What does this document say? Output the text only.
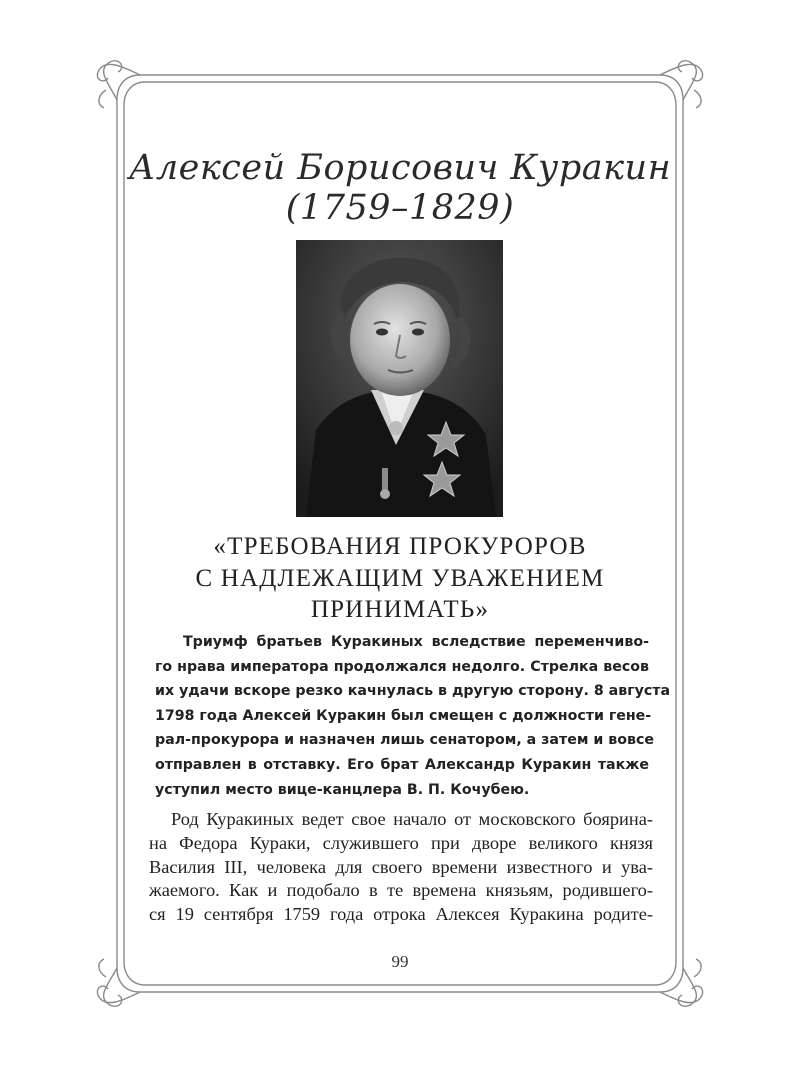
Алексей Борисович Куракин
(1759–1829)
«ТРЕБОВАНИЯ ПРОКУРОРОВ
С НАДЛЕЖАЩИМ УВАЖЕНИЕМ
ПРИНИМАТЬ»
Триумф братьев Куракиных вследствие переменчиво-
го нрава императора продолжался недолго. Стрелка весов
их удачи вскоре резко качнулась в другую сторону. 8 августа
1798 года Алексей Куракин был смещен с должности гене-
рал-прокурора и назначен лишь сенатором, а затем и вовсе
отправлен в отставку. Его брат Александр Куракин также
уступил место вице-канцлера В. П. Кочубею.
Род Куракиных ведет свое начало от московского боярина-
на Федора Кураки, служившего при дворе великого князя
Василия III, человека для своего времени известного и ува-
жаемого. Как и подобало в те времена князьям, родившего-
ся 19 сентября 1759 года отрока Алексея Куракина родите-
99
